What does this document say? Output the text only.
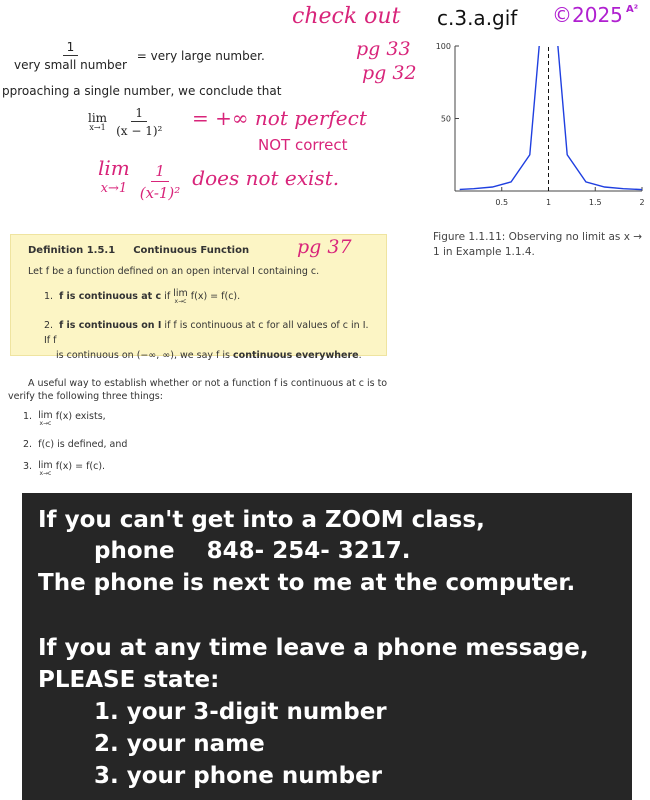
$\frac{1}{\text{very small number}}$ = very large number.
pproaching a single number, we conclude that
lim
$x\to 1 \frac{1}{\text{(x − 1)²}}$
check out
pg 33
pg 32
= +∞ not perfect
NOT correct
lim
$x\to 1 \frac{1}{\text{(x-1)²}}$ does not exist.
c.3.a.gif ©2025 A²
0.5	1	1.5	2
50
100
Figure 1.1.11: Observing no limit as x →
1 in Example 1.1.4.
Definition 1.5.1 Continuous Function
Let f be a function defined on an open interval I containing c.
1.  f is continuous at c if lim
x→c f(x) = f(c).
2.  f is continuous on I if f is continuous at c for all values of c in I. If f
is continuous on (−∞, ∞), we say f is continuous everywhere.
pg 37
A useful way to establish whether or not a function f is continuous at c is to
verify the following three things:
1. lim
x→c
f(x) exists,
2.  f(c) is defined, and
3. lim
x→c
f(x) = f(c).
If you can't get into a ZOOM class,
phone    848- 254- 3217.
The phone is next to me at the computer.
If you at any time leave a phone message,
PLEASE state:
1. your 3-digit number
2. your name
3. your phone number
